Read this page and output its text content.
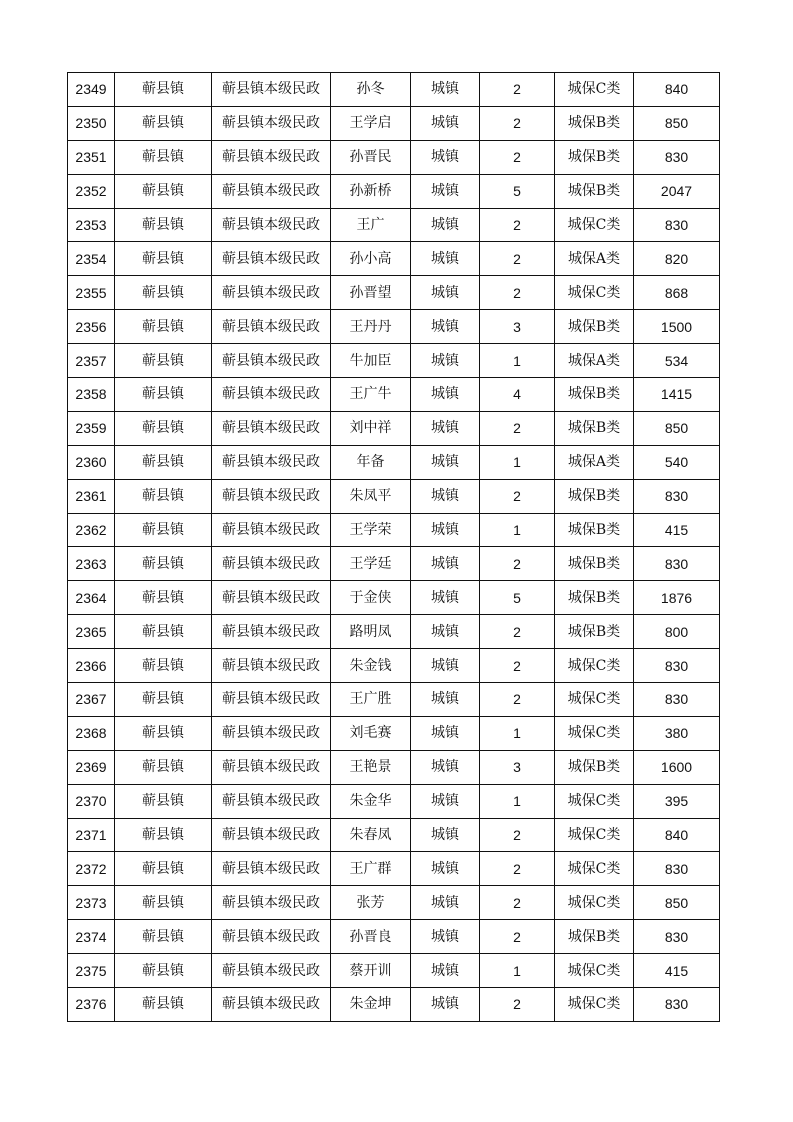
2349	蕲县镇	蕲县镇本级民政	孙冬	城镇	2	城保C类	840
2350	蕲县镇	蕲县镇本级民政	王学启	城镇	2	城保B类	850
2351	蕲县镇	蕲县镇本级民政	孙晋民	城镇	2	城保B类	830
2352	蕲县镇	蕲县镇本级民政	孙新桥	城镇	5	城保B类	2047
2353	蕲县镇	蕲县镇本级民政	王广	城镇	2	城保C类	830
2354	蕲县镇	蕲县镇本级民政	孙小高	城镇	2	城保A类	820
2355	蕲县镇	蕲县镇本级民政	孙晋望	城镇	2	城保C类	868
2356	蕲县镇	蕲县镇本级民政	王丹丹	城镇	3	城保B类	1500
2357	蕲县镇	蕲县镇本级民政	牛加臣	城镇	1	城保A类	534
2358	蕲县镇	蕲县镇本级民政	王广牛	城镇	4	城保B类	1415
2359	蕲县镇	蕲县镇本级民政	刘中祥	城镇	2	城保B类	850
2360	蕲县镇	蕲县镇本级民政	年备	城镇	1	城保A类	540
2361	蕲县镇	蕲县镇本级民政	朱凤平	城镇	2	城保B类	830
2362	蕲县镇	蕲县镇本级民政	王学荣	城镇	1	城保B类	415
2363	蕲县镇	蕲县镇本级民政	王学廷	城镇	2	城保B类	830
2364	蕲县镇	蕲县镇本级民政	于金侠	城镇	5	城保B类	1876
2365	蕲县镇	蕲县镇本级民政	路明凤	城镇	2	城保B类	800
2366	蕲县镇	蕲县镇本级民政	朱金钱	城镇	2	城保C类	830
2367	蕲县镇	蕲县镇本级民政	王广胜	城镇	2	城保C类	830
2368	蕲县镇	蕲县镇本级民政	刘毛赛	城镇	1	城保C类	380
2369	蕲县镇	蕲县镇本级民政	王艳景	城镇	3	城保B类	1600
2370	蕲县镇	蕲县镇本级民政	朱金华	城镇	1	城保C类	395
2371	蕲县镇	蕲县镇本级民政	朱春凤	城镇	2	城保C类	840
2372	蕲县镇	蕲县镇本级民政	王广群	城镇	2	城保C类	830
2373	蕲县镇	蕲县镇本级民政	张芳	城镇	2	城保C类	850
2374	蕲县镇	蕲县镇本级民政	孙晋良	城镇	2	城保B类	830
2375	蕲县镇	蕲县镇本级民政	蔡开训	城镇	1	城保C类	415
2376	蕲县镇	蕲县镇本级民政	朱金坤	城镇	2	城保C类	830
